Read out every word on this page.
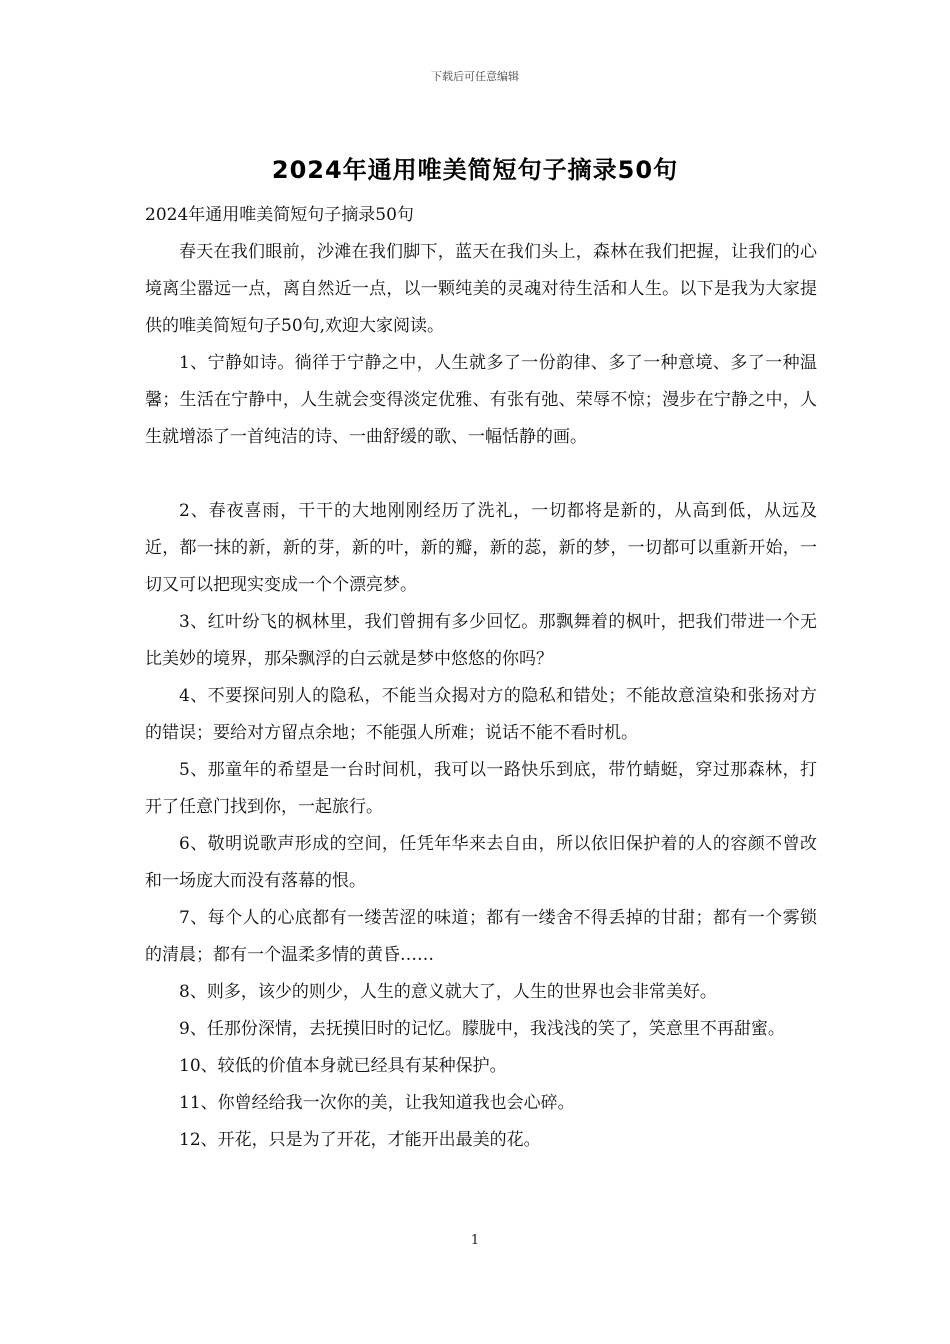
下载后可任意编辑
2024年通用唯美简短句子摘录50句

2024年通用唯美简短句子摘录50句

春天在我们眼前，沙滩在我们脚下，蓝天在我们头上，森林在我们把握，让我们的心境离尘嚣远一点，离自然近一点，以一颗纯美的灵魂对待生活和人生。以下是我为大家提供的唯美简短句子50句,欢迎大家阅读。

1、宁静如诗。徜徉于宁静之中，人生就多了一份韵律、多了一种意境、多了一种温馨；生活在宁静中，人生就会变得淡定优雅、有张有弛、荣辱不惊；漫步在宁静之中，人生就增添了一首纯洁的诗、一曲舒缓的歌、一幅恬静的画。

2、春夜喜雨，干干的大地刚刚经历了洗礼，一切都将是新的，从高到低，从远及近，都一抹的新，新的芽，新的叶，新的瓣，新的蕊，新的梦，一切都可以重新开始，一切又可以把现实变成一个个漂亮梦。

3、红叶纷飞的枫林里，我们曾拥有多少回忆。那飘舞着的枫叶，把我们带进一个无比美妙的境界，那朵飘浮的白云就是梦中悠悠的你吗？

4、不要探问别人的隐私，不能当众揭对方的隐私和错处；不能故意渲染和张扬对方的错误；要给对方留点余地；不能强人所难；说话不能不看时机。

5、那童年的希望是一台时间机，我可以一路快乐到底，带竹蜻蜓，穿过那森林，打开了任意门找到你，一起旅行。

6、敬明说歌声形成的空间，任凭年华来去自由，所以依旧保护着的人的容颜不曾改和一场庞大而没有落幕的恨。

7、每个人的心底都有一缕苦涩的味道；都有一缕舍不得丢掉的甘甜；都有一个雾锁的清晨；都有一个温柔多情的黄昏……

8、则多，该少的则少，人生的意义就大了，人生的世界也会非常美好。

9、任那份深情，去抚摸旧时的记忆。朦胧中，我浅浅的笑了，笑意里不再甜蜜。

10、较低的价值本身就已经具有某种保护。

11、你曾经给我一次你的美，让我知道我也会心碎。

12、开花，只是为了开花，才能开出最美的花。

1
